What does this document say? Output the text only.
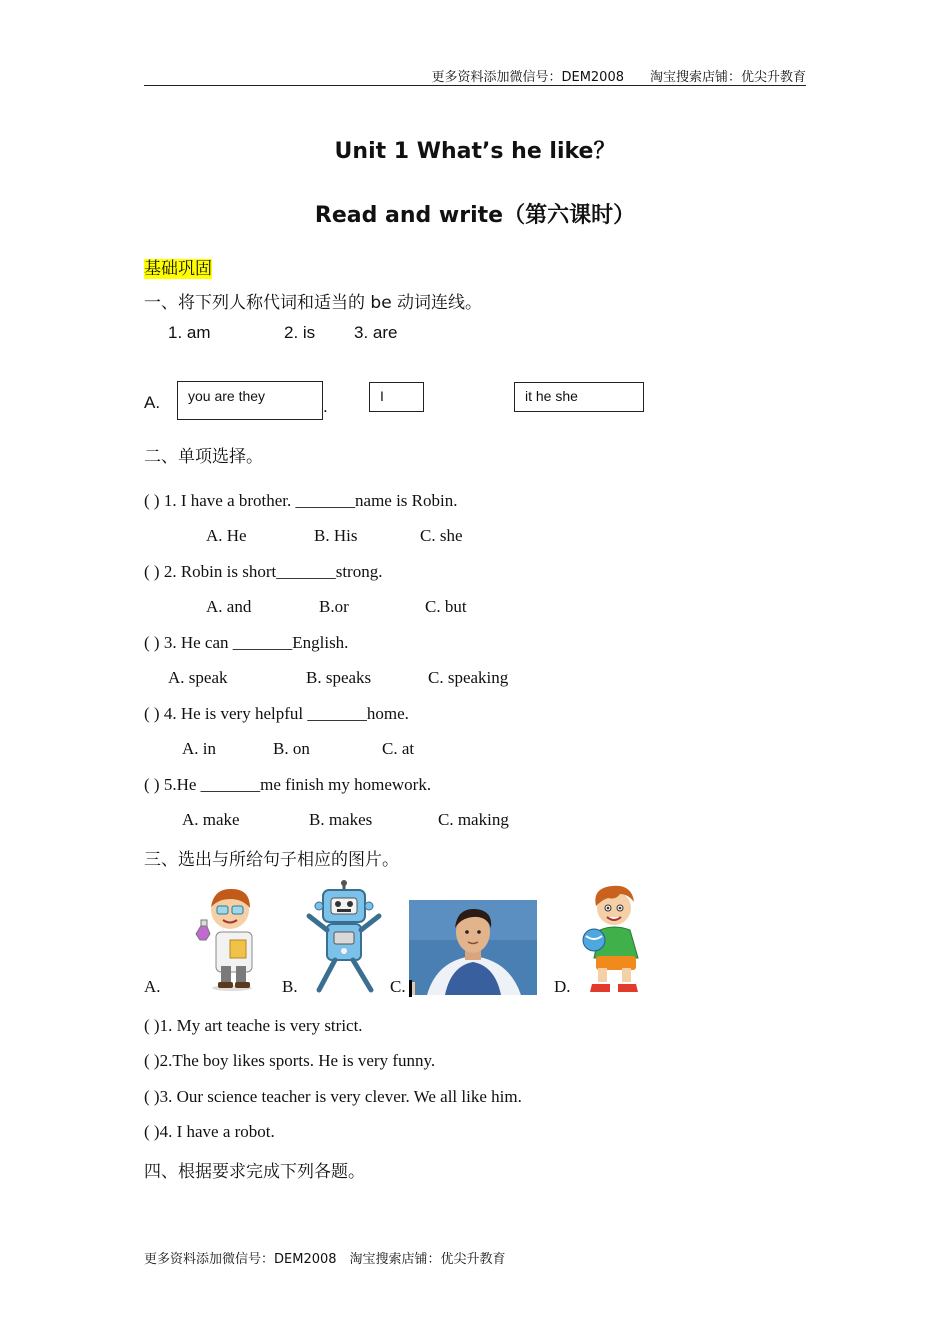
更多资料添加微信号：DEM2008　　淘宝搜索店铺：优尖升教育
Unit 1 What’s he like？
Read and write（第六课时）
基础巩固
一、将下列人称代词和适当的 be 动词连线。
1. am	2. is 3. are
A.	you are they
.
I	it he she
二、单项选择。
( ) 1. I have a brother. _______name is Robin.
A. He	B. His	C. she
( ) 2. Robin is short_______strong.
A. and	B.or	C. but
( ) 3. He can _______English.
A. speak	B. speaks	C. speaking
( ) 4. He is very helpful _______home.
A. in	B. on	C. at
( ) 5.He _______me finish my homework.
A. make	B. makes	C. making
三、选出与所给句子相应的图片。
A.	B.	C.	D.
( )1. My art teache is very strict.
( )2.The boy likes sports. He is very funny.
( )3. Our science teacher is very clever. We all like him.
( )4. I have a robot.
四、根据要求完成下列各题。
更多资料添加微信号：DEM2008　淘宝搜索店铺：优尖升教育
